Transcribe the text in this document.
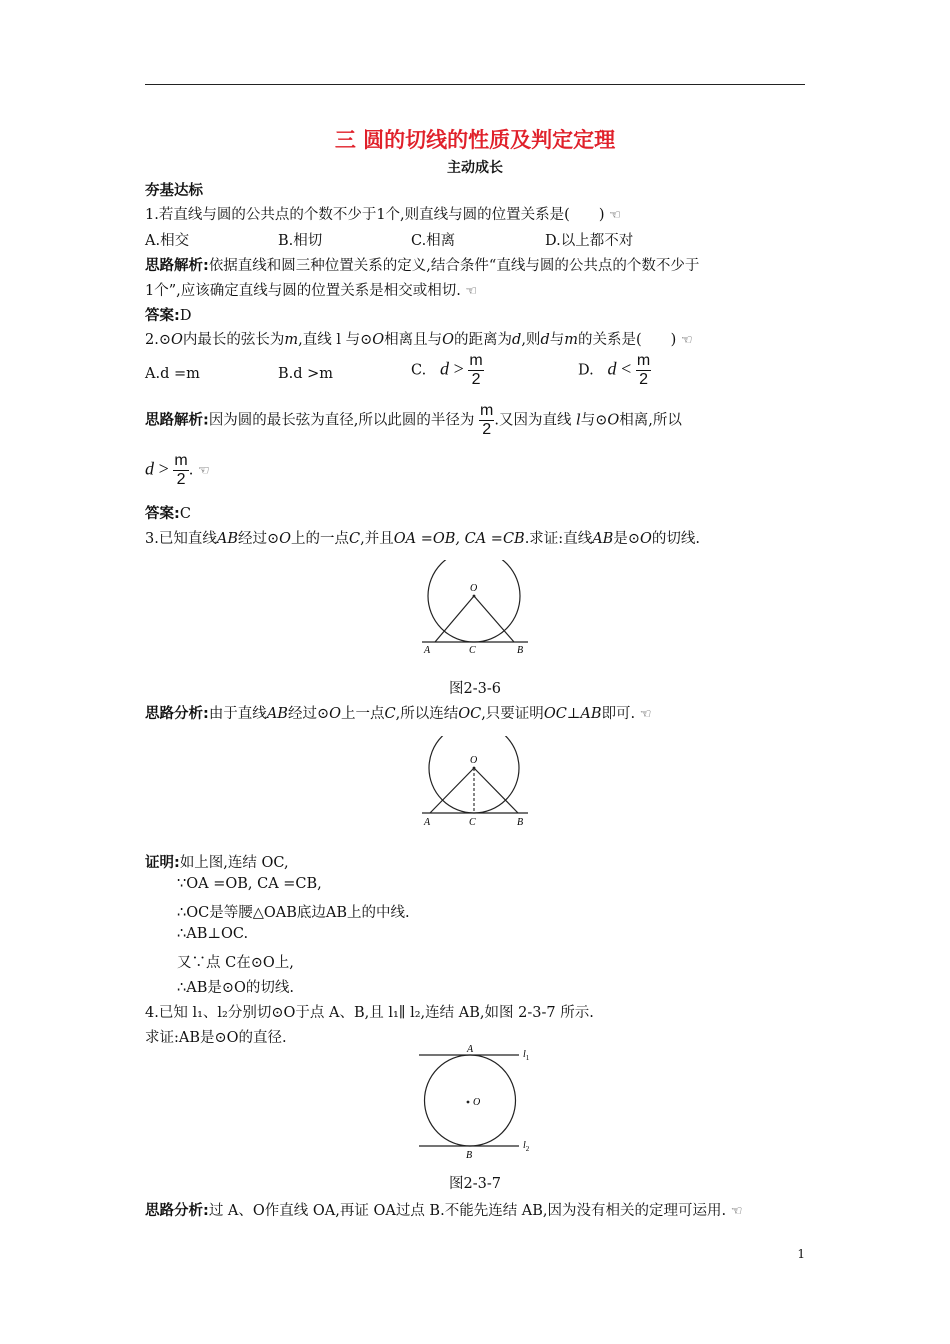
三 圆的切线的性质及判定定理
主动成长
夯基达标
1.若直线与圆的公共点的个数不少于1个,则直线与圆的位置关系是(　　) ☜
A.相交	B.相切	C.相离	D.以上都不对
思路解析:依据直线和圆三种位置关系的定义,结合条件“直线与圆的公共点的个数不少于
1个”,应该确定直线与圆的位置关系是相交或相切. ☜
答案:D
2.⊙O内最长的弦长为m,直线 l 与⊙O相离且与O的距离为d,则d与m的关系是(　　) ☜
A.d =m	B.d >m	C. $d > \frac{m}{2}$	D. $d < \frac{m}{2}$
思路解析:因为圆的最长弦为直径,所以此圆的半径为 $\frac{m}{2}$ .又因为直线 l与⊙O相离,所以
$d > \frac{m}{2}$ . ☜
答案:C
3.已知直线AB经过⊙O上的一点C,并且OA =OB, CA =CB.求证:直线AB是⊙O的切线.
O
A	C	B
图2-3-6
思路分析:由于直线AB经过⊙O上一点C,所以连结OC,只要证明OC⊥AB即可. ☜
O
A	C	B
证明:如上图,连结 OC,
∵OA =OB, CA =CB,
∴OC是等腰△OAB底边AB上的中线.
∴AB⊥OC.
又∵点 C在⊙O上,
∴AB是⊙O的切线.
4.已知 l₁、l₂分别切⊙O于点 A、B,且 l₁∥ l₂,连结 AB,如图 2-3-7 所示.
求证:AB是⊙O的直径.
O
A
B
$l_1$
$l_2$
图2-3-7
思路分析:过 A、O作直线 OA,再证 OA过点 B.不能先连结 AB,因为没有相关的定理可运用. ☜
1
